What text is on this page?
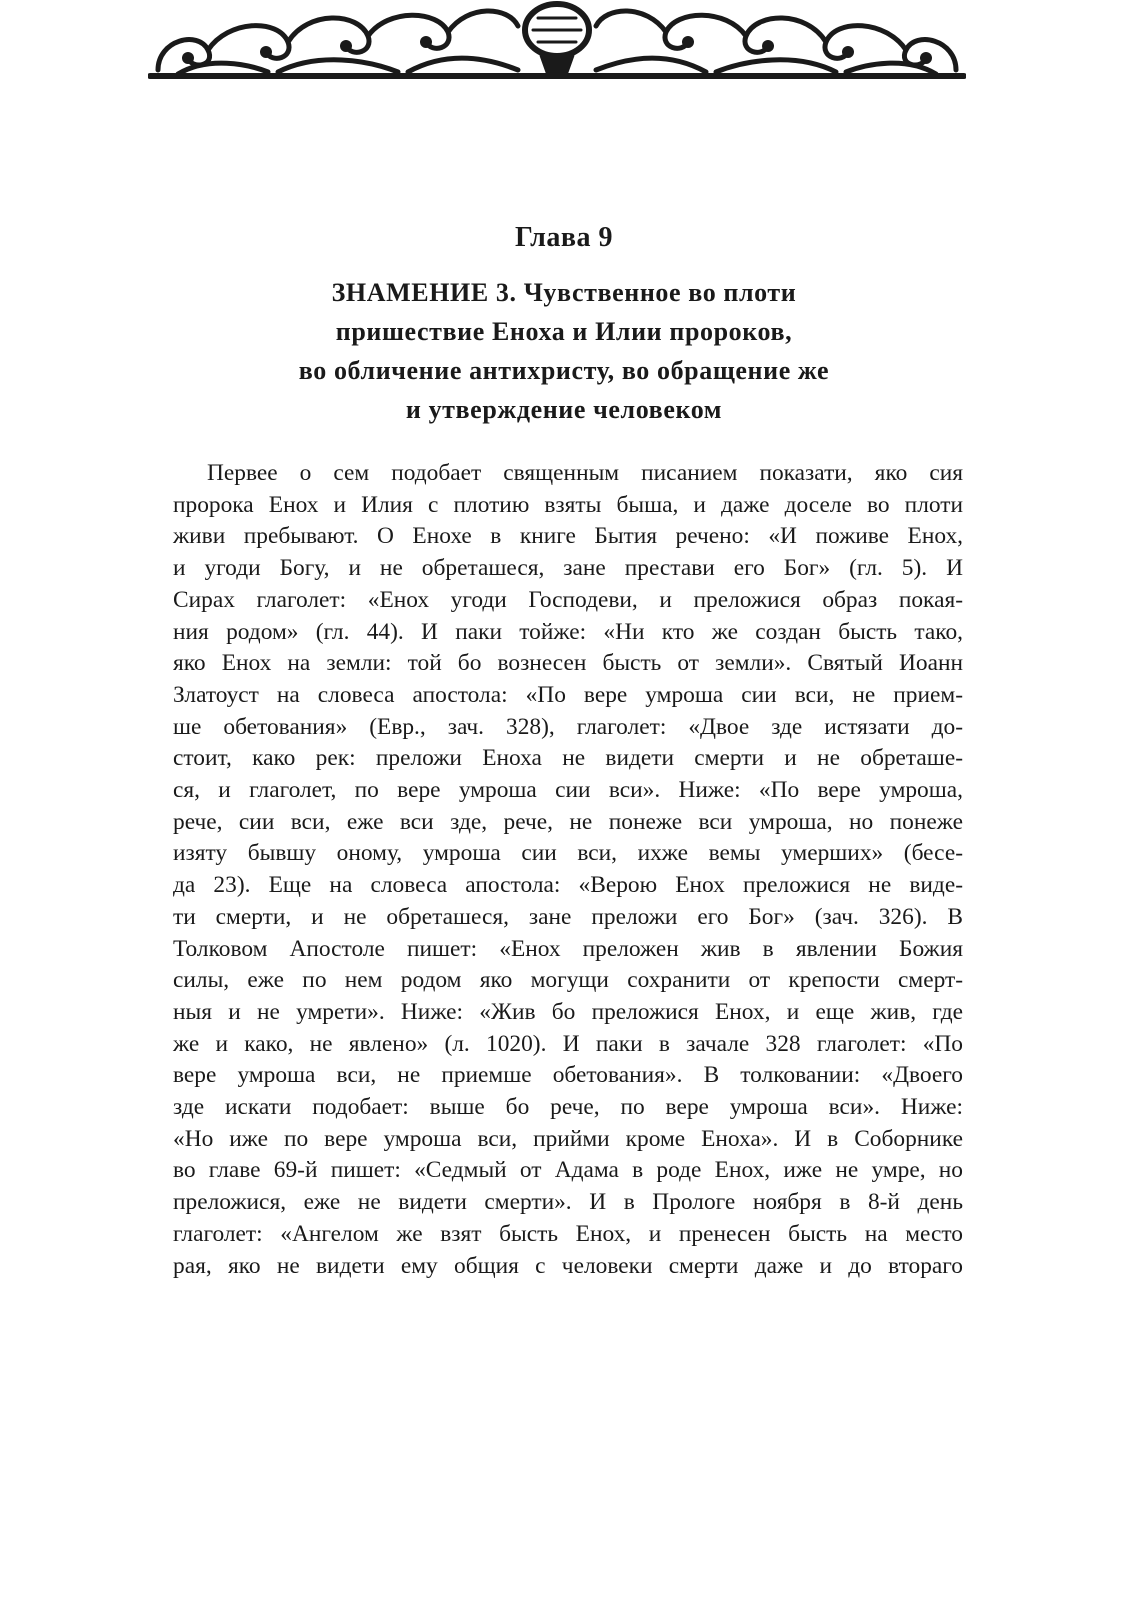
Глава 9
ЗНАМЕНИЕ 3. Чувственное во плоти
пришествие Еноха и Илии пророков,
во обличение антихристу, во обращение же
и утверждение человеком
Первее о сем подобает священным писанием показати, яко сия
пророка Енох и Илия с плотию взяты быша, и даже доселе во плоти
живи пребывают. О Енохе в книге Бытия речено: «И поживе Енох,
и угоди Богу, и не обреташеся, зане престави его Бог» (гл. 5). И
Сирах глаголет: «Енох угоди Господеви, и преложися образ покая-
ния родом» (гл. 44). И паки тойже: «Ни кто же создан бысть тако,
яко Енох на земли: той бо вознесен бысть от земли». Святый Иоанн
Златоуст на словеса апостола: «По вере умроша сии вси, не прием-
ше обетования» (Евр., зач. 328), глаголет: «Двое зде истязати до-
стоит, како рек: преложи Еноха не видети смерти и не обреташе-
ся, и глаголет, по вере умроша сии вси». Ниже: «По вере умроша,
рече, сии вси, еже вси зде, рече, не понеже вси умроша, но понеже
изяту бывшу оному, умроша сии вси, ихже вемы умерших» (бесе-
да 23). Еще на словеса апостола: «Верою Енох преложися не виде-
ти смерти, и не обреташеся, зане преложи его Бог» (зач. 326). В
Толковом Апостоле пишет: «Енох преложен жив в явлении Божия
силы, еже по нем родом яко могущи сохранити от крепости смерт-
ныя и не умрети». Ниже: «Жив бо преложися Енох, и еще жив, где
же и како, не явлено» (л. 1020). И паки в зачале 328 глаголет: «По
вере умроша вси, не приемше обетования». В толковании: «Двоего
зде искати подобает: выше бо рече, по вере умроша вси». Ниже:
«Но иже по вере умроша вси, прийми кроме Еноха». И в Соборнике
во главе 69-й пишет: «Седмый от Адама в роде Енох, иже не умре, но
преложися, еже не видети смерти». И в Прологе ноября в 8-й день
глаголет: «Ангелом же взят бысть Енох, и пренесен бысть на место
рая, яко не видети ему общия с человеки смерти даже и до втораго
